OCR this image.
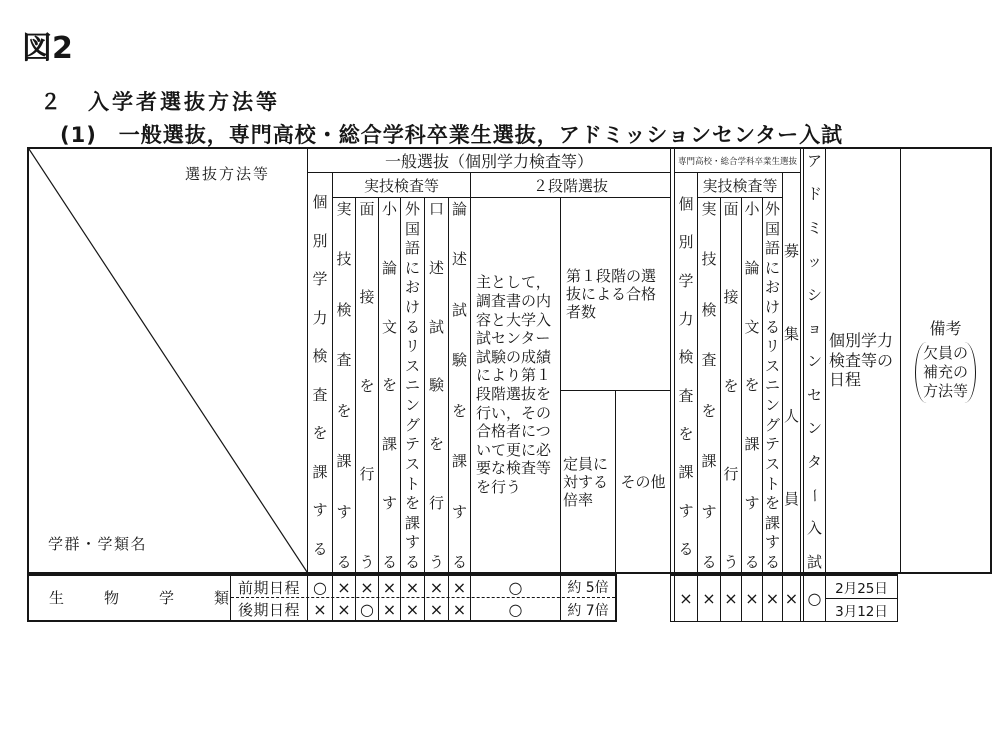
図2
２　入学者選抜方法等
(1)　一般選抜，専門高校・総合学科卒業生選抜，アドミッションセンター入試
選抜方法等
学群・学類名
一般選抜（個別学力検査等）
個
別
学
力
検
査
を
課
す
る
実技検査等
実
技
検
査
を
課
す
る
面
接
を
行
う
小
論
文
を
課
す
る
外
国
語
に
お
け
る
リ
ス
ニ
ン
グ
テ
ス
ト
を
課
す
る
口
述
試
験
を
行
う
論
述
試
験
を
課
す
る
２段階選抜
主として，
調査書の内
容と大学入
試センター
試験の成績
により第１
段階選抜を
行い，その
合格者につ
いて更に必
要な検査等
を行う
第１段階の選
抜による合格
者数
定員に
対する
倍率
その他
専門高校・総合学科卒業生選抜
個
別
学
力
検
査
を
課
す
る
実技検査等
実
技
検
査
を
課
す
る
面
接
を
行
う
小
論
文
を
課
す
る
外
国
語
に
お
け
る
リ
ス
ニ
ン
グ
テ
ス
ト
を
課
す
る
募
集
人
員
ア
ド
ミ
ッ
シ
ョ
ン
セ
ン
タ
ー
入
試
個別学力
検査等の
日程
備考
欠員の
補充の
方法等
生　物　学　類
前期日程
後期日程
○
×
×
×
×
○
×
×
×
×
×
×
×
×
○
○
約 5倍
約 7倍
× × × × × × ○	2月25日
3月12日
